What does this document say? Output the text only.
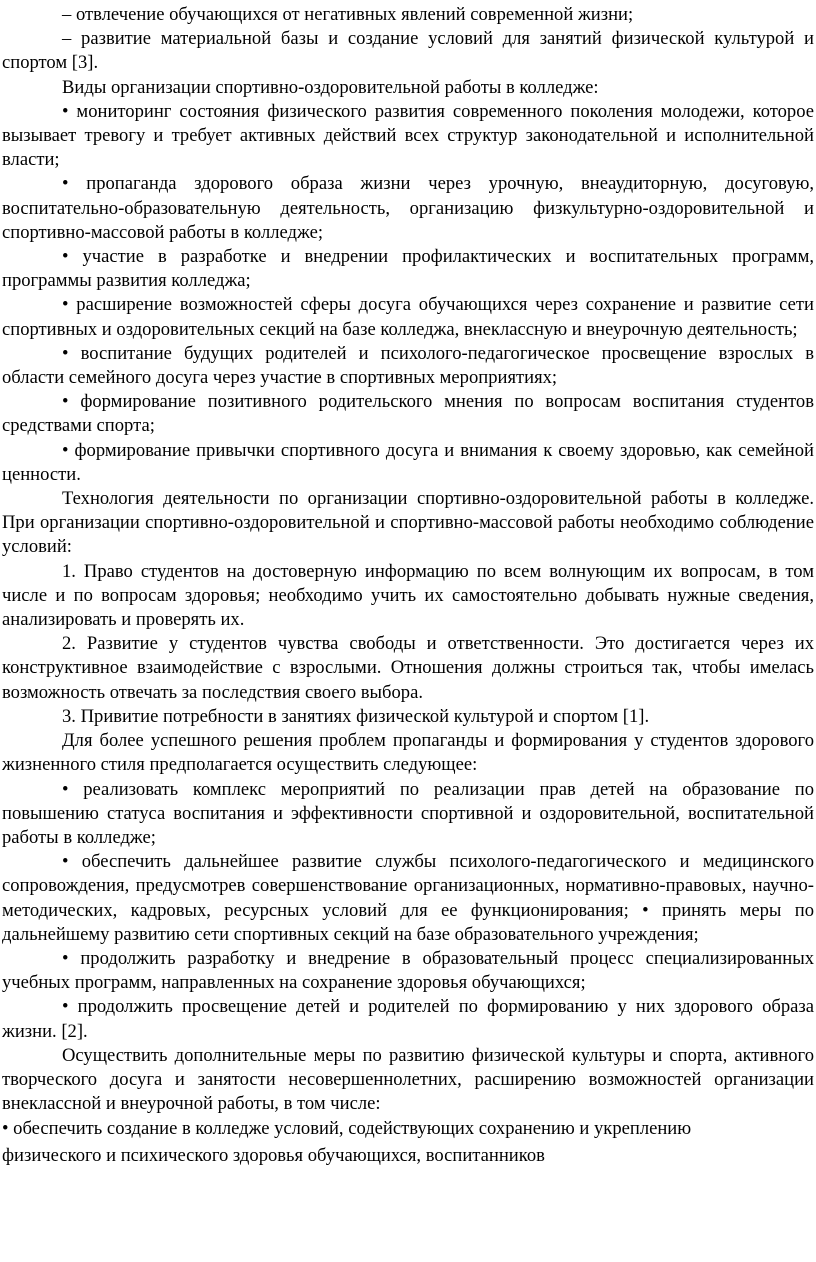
– отвлечение обучающихся от негативных явлений современной жизни;

– развитие материальной базы и создание условий для занятий физической культурой и спортом [3].

Виды организации спортивно-оздоровительной работы в колледже:

• мониторинг состояния физического развития современного поколения молодежи, которое вызывает тревогу и требует активных действий всех структур законодательной и исполнительной власти;

• пропаганда здорового образа жизни через урочную, внеаудиторную, досуговую, воспитательно-образовательную деятельность, организацию физкультурно-оздоровительной и спортивно-массовой работы в колледже;

• участие в разработке и внедрении профилактических и воспитательных программ, программы развития колледжа;

• расширение возможностей сферы досуга обучающихся через сохранение и развитие сети спортивных и оздоровительных секций на базе колледжа, внеклассную и внеурочную деятельность;

• воспитание будущих родителей и психолого-педагогическое просвещение взрослых в области семейного досуга через участие в спортивных мероприятиях;

• формирование позитивного родительского мнения по вопросам воспитания студентов средствами спорта;

• формирование привычки спортивного досуга и внимания к своему здоровью, как семейной ценности.

Технология деятельности по организации спортивно-оздоровительной работы в колледже. При организации спортивно-оздоровительной и спортивно-массовой работы необходимо соблюдение условий:

1. Право студентов на достоверную информацию по всем волнующим их вопросам, в том числе и по вопросам здоровья; необходимо учить их самостоятельно добывать нужные сведения, анализировать и проверять их.

2. Развитие у студентов чувства свободы и ответственности. Это достигается через их конструктивное взаимодействие с взрослыми. Отношения должны строиться так, чтобы имелась возможность отвечать за последствия своего выбора.

3. Привитие потребности в занятиях физической культурой и спортом [1].

Для более успешного решения проблем пропаганды и формирования у студентов здорового жизненного стиля предполагается осуществить следующее:

• реализовать комплекс мероприятий по реализации прав детей на образование по повышению статуса воспитания и эффективности спортивной и оздоровительной, воспитательной работы в колледже;

• обеспечить дальнейшее развитие службы психолого-педагогического и медицинского сопровождения, предусмотрев совершенствование организационных, нормативно-правовых, научно-методических, кадровых, ресурсных условий для ее функционирования; • принять меры по дальнейшему развитию сети спортивных секций на базе образовательного учреждения;

• продолжить разработку и внедрение в образовательный процесс специализированных учебных программ, направленных на сохранение здоровья обучающихся;

• продолжить просвещение детей и родителей по формированию у них здорового образа жизни. [2].

Осуществить дополнительные меры по развитию физической культуры и спорта, активного творческого досуга и занятости несовершеннолетних, расширению возможностей организации внеклассной и внеурочной работы, в том числе:

• обеспечить создание в колледже условий, содействующих сохранению и укреплению

физического и психического здоровья обучающихся, воспитанников
